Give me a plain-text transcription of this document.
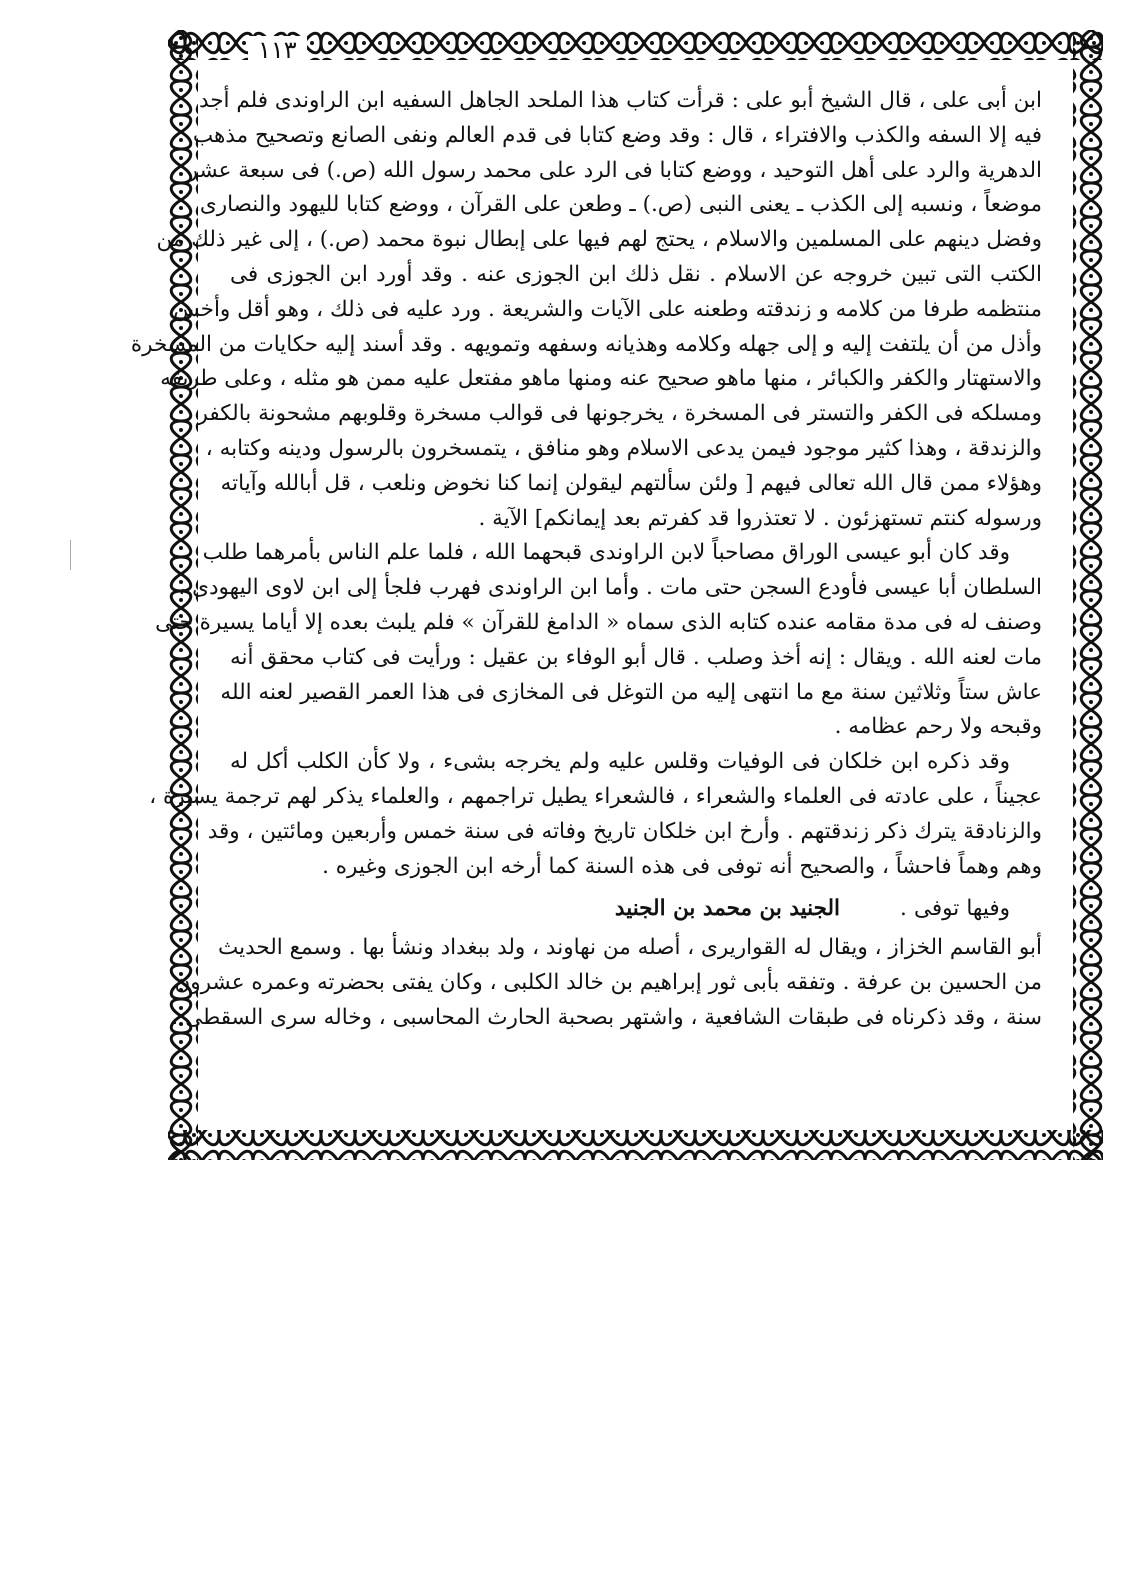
١١٣

ابن أبى على ، قال الشيخ أبو على : قرأت كتاب هذا الملحد الجاهل السفيه ابن الراوندى فلم أجد
فيه إلا السفه والكذب والافتراء ، قال : وقد وضع كتابا فى قدم العالم ونفى الصانع وتصحيح مذهب
الدهرية والرد على أهل التوحيد ، ووضع كتابا فى الرد على محمد رسول الله (ص.) فى سبعة عشر
موضعاً ، ونسبه إلى الكذب ـ يعنى النبى (ص.) ـ وطعن على القرآن ، ووضع كتابا لليهود والنصارى
وفضل دينهم على المسلمين والاسلام ، يحتج لهم فيها على إبطال نبوة محمد (ص.) ، إلى غير ذلك من
الكتب التى تبين خروجه عن الاسلام . نقل ذلك ابن الجوزى عنه . وقد أورد ابن الجوزى فى
منتظمه طرفا من كلامه و زندقته وطعنه على الآيات والشريعة . ورد عليه فى ذلك ، وهو أقل وأخس
وأذل من أن يلتفت إليه و إلى جهله وكلامه وهذيانه وسفهه وتمويهه . وقد أسند إليه حكايات من المسخرة
والاستهتار والكفر والكبائر ، منها ماهو صحيح عنه ومنها ماهو مفتعل عليه ممن هو مثله ، وعلى طريقه
ومسلكه فى الكفر والتستر فى المسخرة ، يخرجونها فى قوالب مسخرة وقلوبهم مشحونة بالكفر
والزندقة ، وهذا كثير موجود فيمن يدعى الاسلام وهو منافق ، يتمسخرون بالرسول ودينه وكتابه ،
وهؤلاء ممن قال الله تعالى فيهم [ ولئن سألتهم ليقولن إنما كنا نخوض ونلعب ، قل أبالله وآياته
ورسوله كنتم تستهزئون . لا تعتذروا قد كفرتم بعد إيمانكم] الآية .

وقد كان أبو عيسى الوراق مصاحباً لابن الراوندى قبحهما الله ، فلما علم الناس بأمرهما طلب
السلطان أبا عيسى فأودع السجن حتى مات . وأما ابن الراوندى فهرب فلجأ إلى ابن لاوى اليهودى ،
وصنف له فى مدة مقامه عنده كتابه الذى سماه « الدامغ للقرآن » فلم يلبث بعده إلا أياما يسيرة حتى
مات لعنه الله . ويقال : إنه أخذ وصلب . قال أبو الوفاء بن عقيل : ورأيت فى كتاب محقق أنه
عاش ستاً وثلاثين سنة مع ما انتهى إليه من التوغل فى المخازى فى هذا العمر القصير لعنه الله
وقبحه ولا رحم عظامه .

وقد ذكره ابن خلكان فى الوفيات وقلس عليه ولم يخرجه بشىء ، ولا كأن الكلب أكل له
عجيناً ، على عادته فى العلماء والشعراء ، فالشعراء يطيل تراجمهم ، والعلماء يذكر لهم ترجمة يسيرة ،
والزنادقة يترك ذكر زندقتهم . وأرخ ابن خلكان تاريخ وفاته فى سنة خمس وأربعين ومائتين ، وقد
وهم وهماً فاحشاً ، والصحيح أنه توفى فى هذه السنة كما أرخه ابن الجوزى وغيره .

وفيها توفى .
الجنيد بن محمد بن الجنيد

أبو القاسم الخزاز ، ويقال له القواريرى ، أصله من نهاوند ، ولد ببغداد ونشأ بها . وسمع الحديث
من الحسين بن عرفة . وتفقه بأبى ثور إبراهيم بن خالد الكلبى ، وكان يفتى بحضرته وعمره عشرون
سنة ، وقد ذكرناه فى طبقات الشافعية ، واشتهر بصحبة الحارث المحاسبى ، وخاله سرى السقطى ،
